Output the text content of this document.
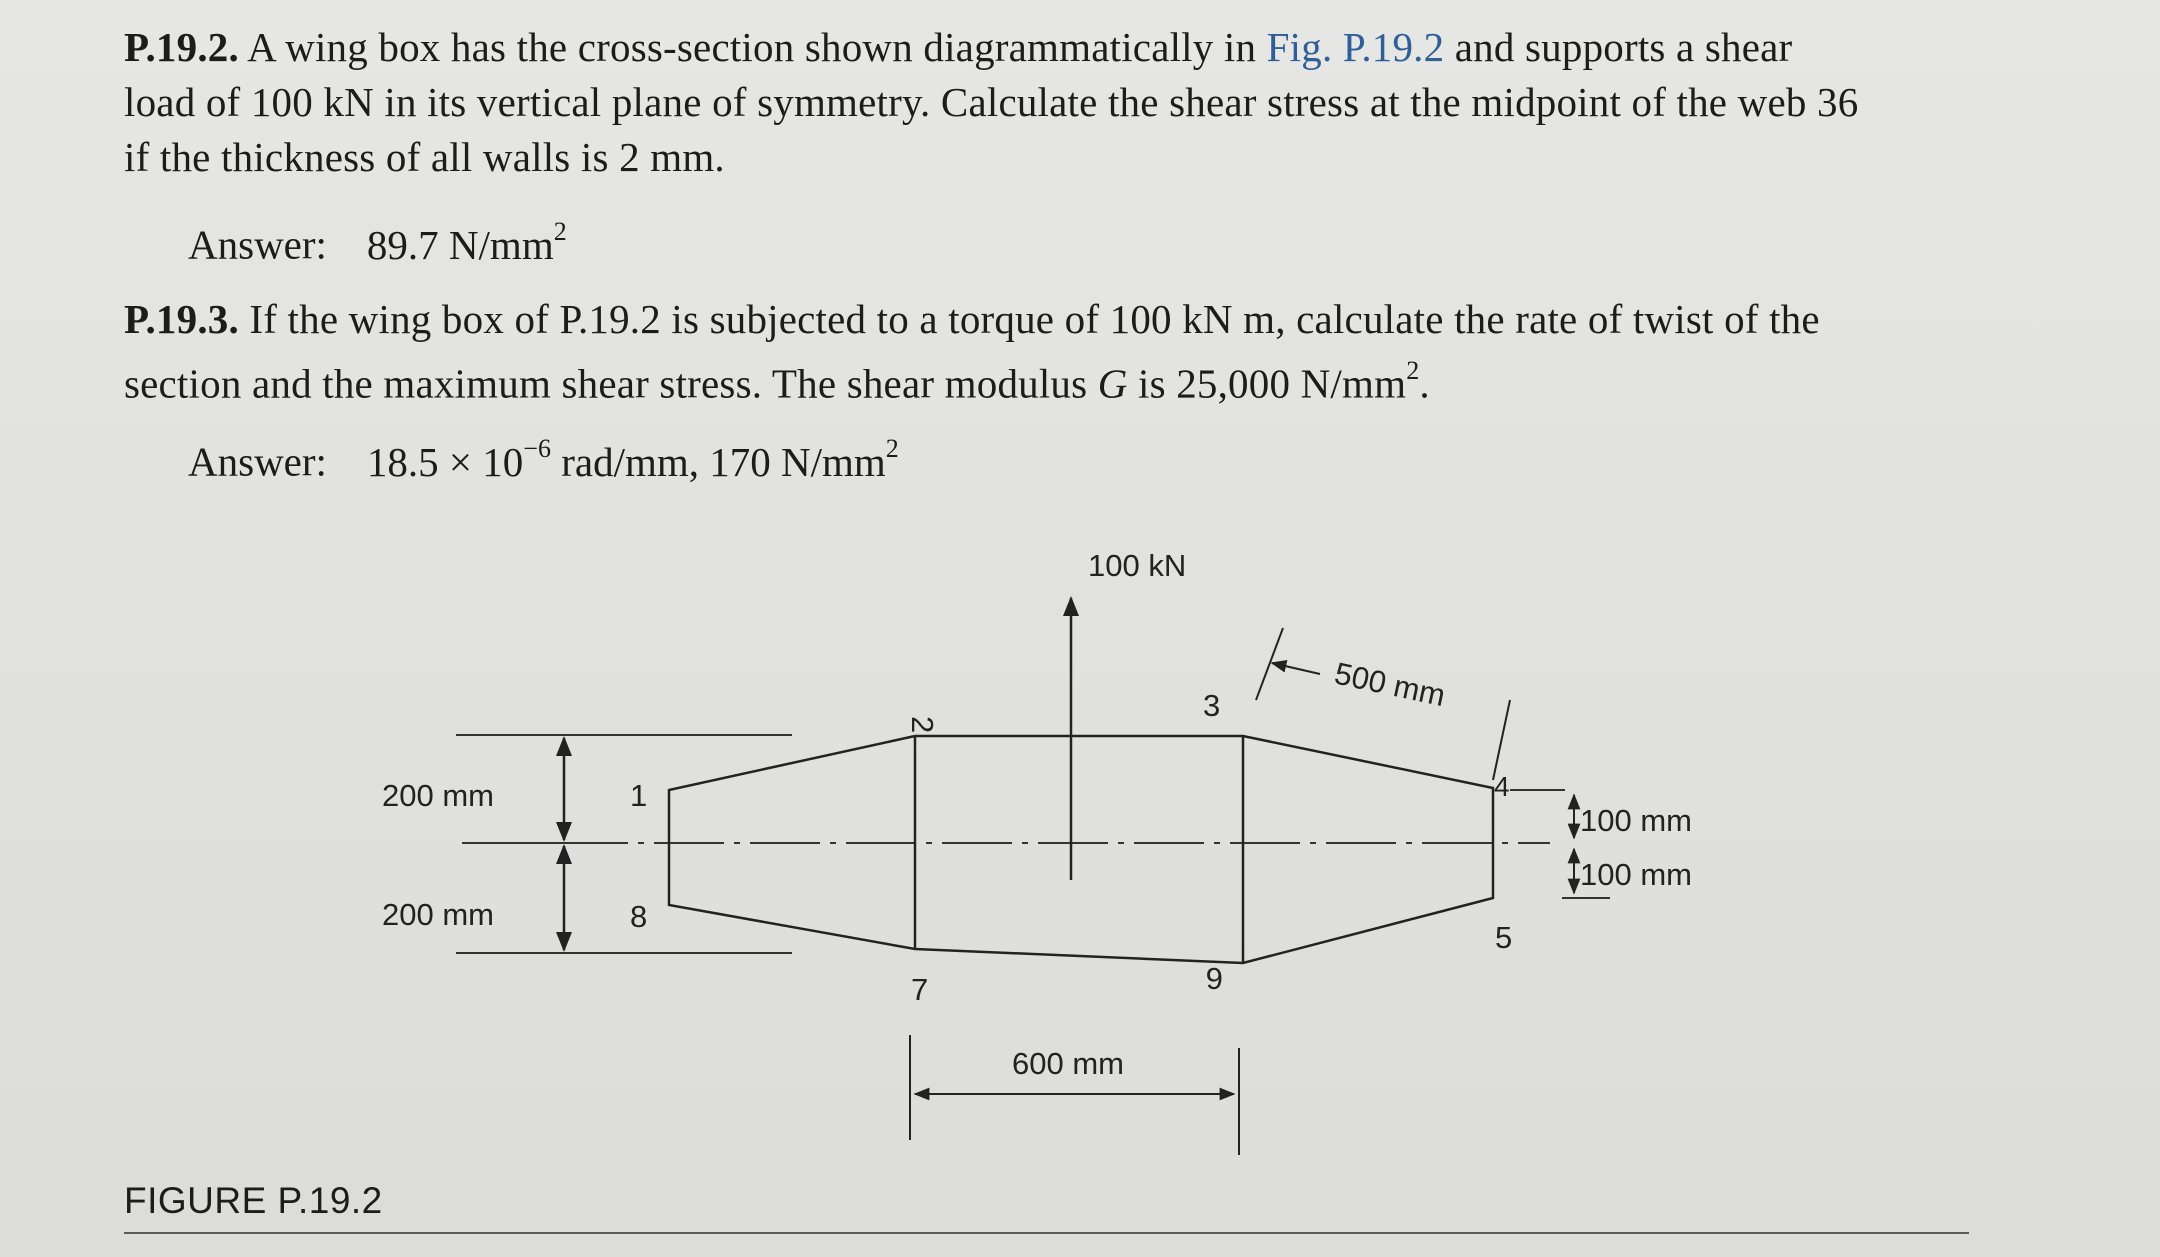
P.19.2. A wing box has the cross-section shown diagrammatically in Fig. P.19.2 and supports a shear
load of 100 kN in its vertical plane of symmetry. Calculate the shear stress at the midpoint of the web 36
if the thickness of all walls is 2 mm.
Answer: 89.7 $N/mm^2$
P.19.3. If the wing box of P.19.2 is subjected to a torque of 100 kN m, calculate the rate of twist of the
section and the maximum shear stress. The shear modulus G is 25,000 $N/mm^2$.
Answer: $18.5 \times 10^{-6}$ rad/mm, 170 $N/mm^2$
100 kN
200 mm
200 mm
500 mm
100 mm
100 mm
600 mm
1
2
3
4
5
6
7
8
FIGURE P.19.2
